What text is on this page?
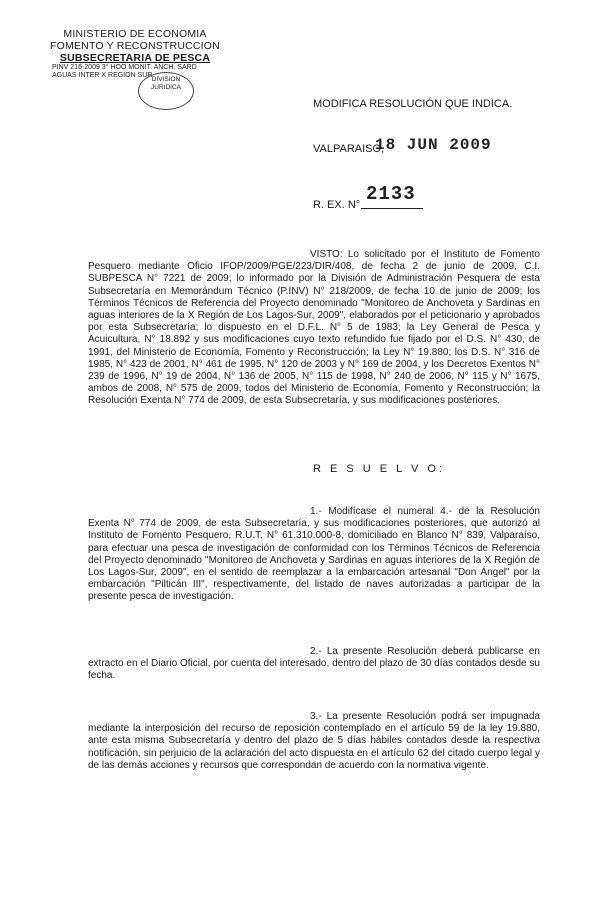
MINISTERIO DE ECONOMIA
FOMENTO Y RECONSTRUCCION
SUBSECRETARIA DE PESCA
PINV 216-2009 3° HOO MONIT. ANCH. SARD
AGUAS INTER X REGION SUR
DIVISION
JURIDICA
MODIFICA RESOLUCIÓN QUE INDICA.
VALPARAISO,
18 JUN 2009
2133
R. EX. N°

VISTO: Lo solicitado por el Instituto de Fomento Pesquero mediante Oficio IFOP/2009/PGE/223/DIR/408, de fecha 2 de junio de 2009, C.I. SUBPESCA N° 7221 de 2009; lo informado por la División de Administración Pesquera de esta Subsecretaría en Memorándum Técnico (P.INV) N° 218/2009, de fecha 10 de junio de 2009; los Términos Técnicos de Referencia del Proyecto denominado "Monitoreo de Anchoveta y Sardinas en aguas interiores de la X Región de Los Lagos-Sur, 2009", elaborados por el peticionario y aprobados por esta Subsecretaría; lo dispuesto en el D.F.L. N° 5 de 1983; la Ley General de Pesca y Acuicultura, N° 18.892 y sus modificaciones cuyo texto refundido fue fijado por el D.S. N° 430, de 1991, del Ministerio de Economía, Fomento y Reconstrucción; la Ley N° 19.880; los D.S. N° 316 de 1985, N° 423 de 2001, N° 461 de 1995, N° 120 de 2003 y N° 169 de 2004, y los Decretos Exentos N° 239 de 1996, N° 19 de 2004, N° 136 de 2005, N° 115 de 1998, N° 240 de 2006, N° 115 y N° 1675, ambos de 2008, N° 575 de 2009, todos del Ministerio de Economía, Fomento y Reconstrucción; la Resolución Exenta N° 774 de 2009, de esta Subsecretaría, y sus modificaciones posteriores.

R E S U E L V O:

1.- Modifícase el numeral 4.- de la Resolución Exenta N° 774 de 2009, de esta Subsecretaría, y sus modificaciones posteriores, que autorizó al Instituto de Fomento Pesquero, R.U.T. N° 61.310.000-8, domiciliado en Blanco N° 839, Valparaíso, para efectuar una pesca de investigación de conformidad con los Términos Técnicos de Referencia del Proyecto denominado "Monitoreo de Anchoveta y Sardinas en aguas interiores de la X Región de Los Lagos-Sur, 2009", en el sentido de reemplazar a la embarcación artesanal "Don Ángel" por la embarcación "Pilticán III", respectivamente, del listado de naves autorizadas a participar de la presente pesca de investigación.

2.- La presente Resolución deberá publicarse en extracto en el Diario Oficial, por cuenta del interesado, dentro del plazo de 30 días contados desde su fecha.

3.- La presente Resolución podrá ser impugnada mediante la interposición del recurso de reposición contemplado en el artículo 59 de la ley 19.880, ante esta misma Subsecretaría y dentro del plazo de 5 días hábiles contados desde la respectiva notificación, sin perjuicio de la aclaración del acto dispuesta en el artículo 62 del citado cuerpo legal y de las demás acciones y recursos que correspondan de acuerdo con la normativa vigente.
